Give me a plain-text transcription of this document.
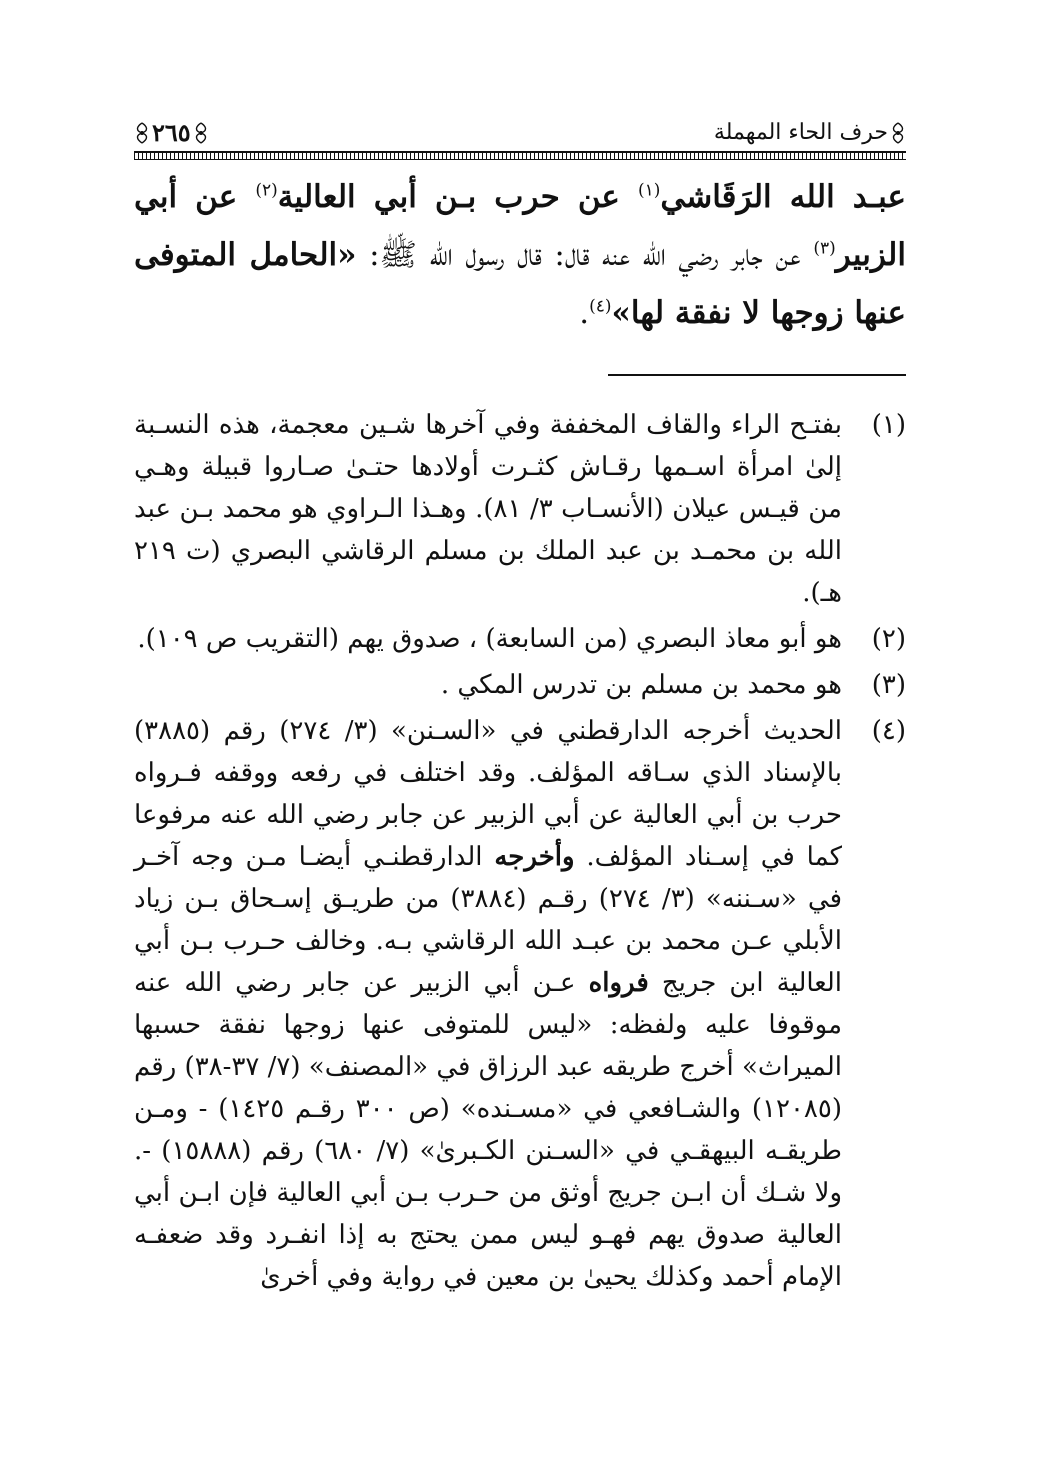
حرف الحاء المهملة
٢٦٥
عبـد الله الرَقَاشي$^{(١)}$ عن حرب بـن أبي العالية$^{(٢)}$ عن أبي الزبير$^{(٣)}$ عن جابر رضي الله عنه قال: قال رسول الله ﷺ: «الحامل المتوفى عنها زوجها لا نفقة لها»$^{(٤)}$.
(١)
بفتـح الراء والقاف المخففة وفي آخرها شـين معجمة، هذه النسـبة إلىٰ امرأة اسـمها رقـاش كثـرت أولادها حتـىٰ صـاروا قبيلة وهـي من قيـس عيلان (الأنسـاب ٣/ ٨١). وهـذا الـراوي هو محمد بـن عبد الله بن محمـد بن عبد الملك بن مسلم الرقاشي البصري (ت ٢١٩ هـ).
(٢)
هو أبو معاذ البصري (من السابعة) ، صدوق يهم (التقريب ص ١٠٩).
(٣)
هو محمد بن مسلم بن تدرس المكي .
(٤)
الحديث أخرجه الدارقطني في «السـنن» (٣/ ٢٧٤) رقم (٣٨٨٥) بالإسناد الذي سـاقه المؤلف. وقد اختلف في رفعه ووقفه فـرواه حرب بن أبي العالية عن أبي الزبير عن جابر رضي الله عنه مرفوعا كما في إسـناد المؤلف. وأخرجه الدارقطنـي أيضـا مـن وجه آخـر في «سـننه» (٣/ ٢٧٤) رقـم (٣٨٨٤) من طريـق إسـحاق بـن زياد الأبلي عـن محمد بن عبـد الله الرقاشي بـه. وخالف حـرب بـن أبي العالية ابن جريج فرواه عـن أبي الزبير عن جابر رضي الله عنه موقوفا عليه ولفظه: «ليس للمتوفى عنها زوجها نفقة حسبها الميراث» أخرج طريقه عبد الرزاق في «المصنف» (٧/ ٣٧-٣٨) رقم (١٢٠٨٥) والشـافعي في «مسـنده» (ص ٣٠٠ رقـم ١٤٢٥) - ومـن طريقـه البيهقـي في «السـنن الكـبرىٰ» (٧/ ٦٨٠) رقم (١٥٨٨٨) -. ولا شـك أن ابـن جريج أوثق من حـرب بـن أبي العالية فإن ابـن أبي العالية صدوق يهم فهـو ليس ممن يحتج به إذا انفـرد وقد ضعفـه الإمام أحمد وكذلك يحيىٰ بن معين في رواية وفي أخرىٰ
